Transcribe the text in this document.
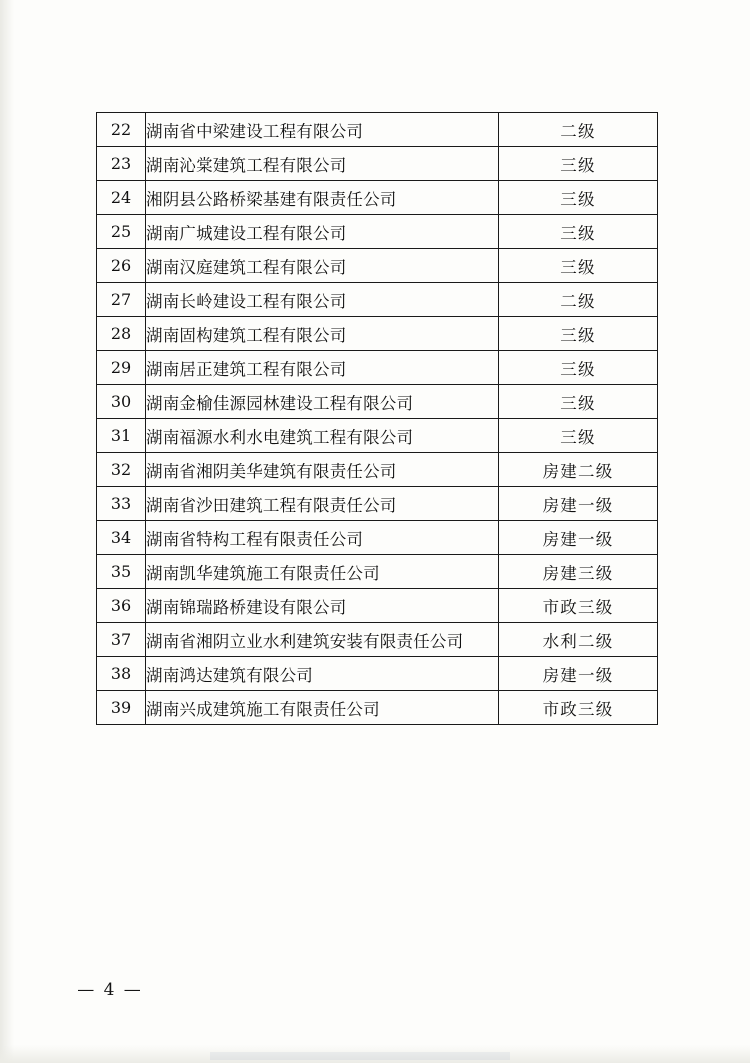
22	湖南省中梁建设工程有限公司	二级
23	湖南沁棠建筑工程有限公司	三级
24	湘阴县公路桥梁基建有限责任公司	三级
25	湖南广城建设工程有限公司	三级
26	湖南汉庭建筑工程有限公司	三级
27	湖南长岭建设工程有限公司	二级
28	湖南固构建筑工程有限公司	三级
29	湖南居正建筑工程有限公司	三级
30	湖南金榆佳源园林建设工程有限公司	三级
31	湖南福源水利水电建筑工程有限公司	三级
32	湖南省湘阴美华建筑有限责任公司	房建二级
33	湖南省沙田建筑工程有限责任公司	房建一级
34	湖南省特构工程有限责任公司	房建一级
35	湖南凯华建筑施工有限责任公司	房建三级
36	湖南锦瑞路桥建设有限公司	市政三级
37	湖南省湘阴立业水利建筑安装有限责任公司	水利二级
38	湖南鸿达建筑有限公司	房建一级
39	湖南兴成建筑施工有限责任公司	市政三级
— 4 —
